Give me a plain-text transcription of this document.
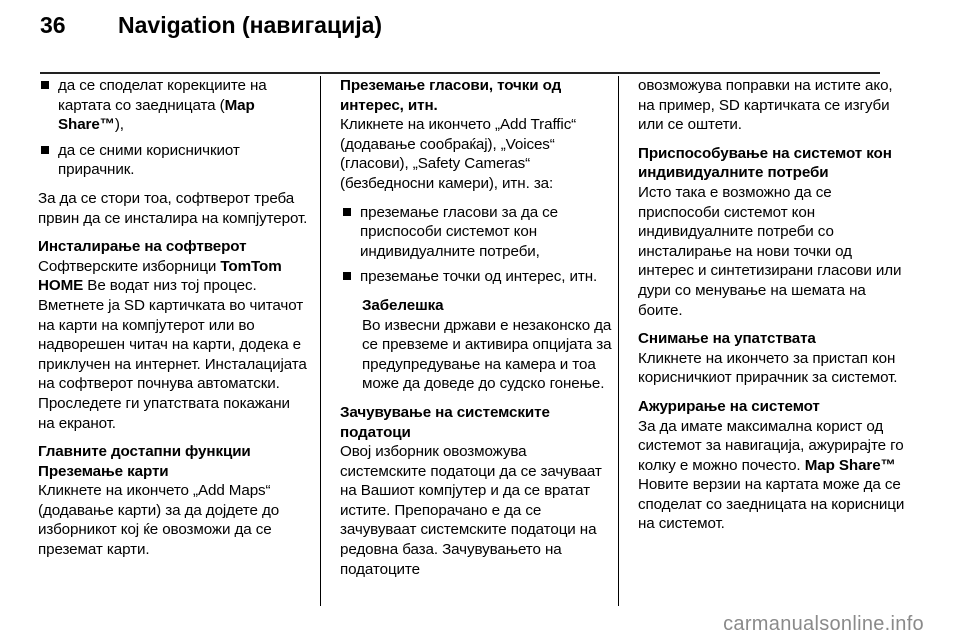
36 Navigation (навигација)
да се споделат корекциите на картата со заедницата (Map Share™),
да се сними корисничкиот прирачник.

За да се стори тоа, софтверот треба првин да се инсталира на компјутерот.

Инсталирање на софтверот

Софтверските изборници TomTom HOME Ве водат низ тој процес. Вметнете ја SD картичката во читачот на карти на компјутерот или во надворешен читач на карти, додека е приклучен на интернет. Инсталацијата на софтверот почнува автоматски. Проследете ги упатствата покажани на екранот.

Главните достапни функции

Преземање карти

Кликнете на икончето „Add Maps“ (додавање карти) за да дојдете до изборникот кој ќе овозможи да се преземат карти.

Преземање гласови, точки од интерес, итн.

Кликнете на икончето „Add Traffic“ (додавање сообраќај), „Voices“ (гласови), „Safety Cameras“ (безбедносни камери), итн. за:

преземање гласови за да се приспособи системот кон индивидуалните потреби,
преземање точки од интерес, итн.

Забелешка

Во извесни држави е незаконско да се превземе и активира опцијата за предупредување на камера и тоа може да доведе до судско гонење.

Зачувување на системските податоци

Овој изборник овозможува системските податоци да се зачуваат на Вашиот компјутер и да се вратат истите. Препорачано е да се зачувуваат системските податоци на редовна база. Зачувувањето на податоците

овозможува поправки на истите ако, на пример, SD картичката се изгуби или се оштети.

Приспособување на системот кон индивидуалните потреби

Исто така е возможно да се приспособи системот кон индивидуалните потреби со инсталирање на нови точки од интерес и синтетизирани гласови или дури со менување на шемата на боите.

Снимање на упатствата

Кликнете на икончето за пристап кон корисничкиот прирачник за системот.

Ажурирање на системот

За да имате максимална корист од системот за навигација, ажурирајте го колку е можно почесто. Map Share™ Новите верзии на картата може да се споделат со заедницата на корисници на системот.

carmanualsonline.info
